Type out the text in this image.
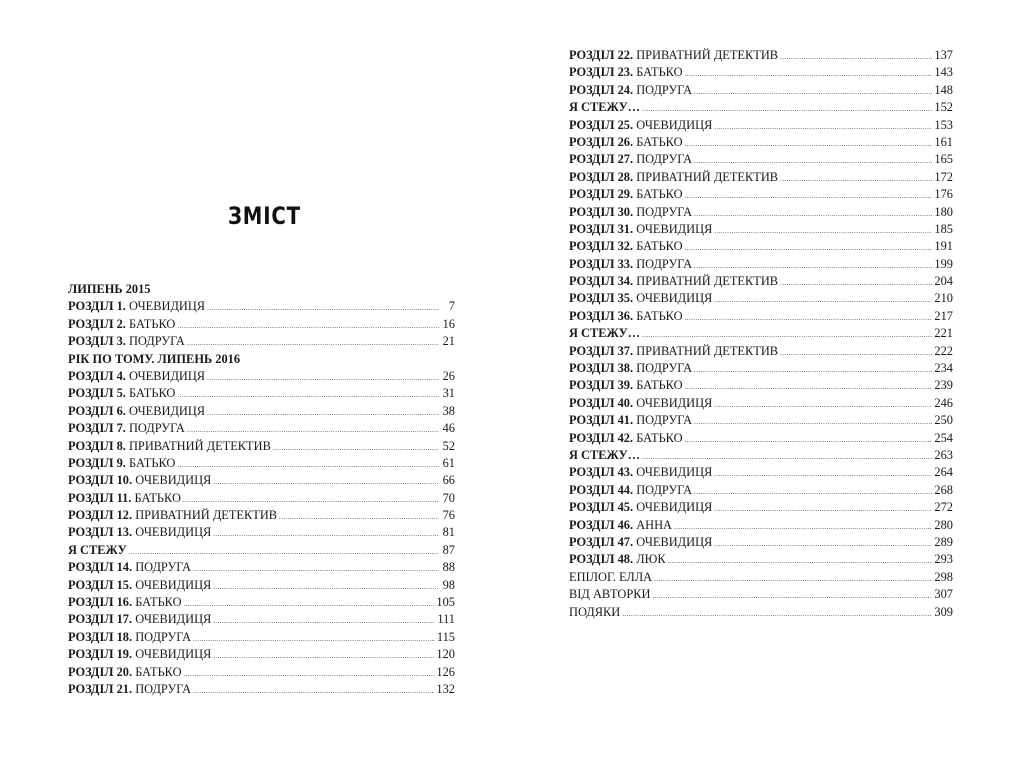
ЗМІСТ
ЛИПЕНЬ 2015
РОЗДІЛ 1. ОЧЕВИДИЦЯ .....	7
РОЗДІЛ 2. БАТЬКО .....	16
РОЗДІЛ 3. ПОДРУГА .....	21
РІК ПО ТОМУ. ЛИПЕНЬ 2016
РОЗДІЛ 4. ОЧЕВИДИЦЯ .....	26
РОЗДІЛ 5. БАТЬКО .....	31
РОЗДІЛ 6. ОЧЕВИДИЦЯ .....	38
РОЗДІЛ 7. ПОДРУГА .....	46
РОЗДІЛ 8. ПРИВАТНИЙ ДЕТЕКТИВ .....	52
РОЗДІЛ 9. БАТЬКО .....	61
РОЗДІЛ 10. ОЧЕВИДИЦЯ .....	66
РОЗДІЛ 11. БАТЬКО .....	70
РОЗДІЛ 12. ПРИВАТНИЙ ДЕТЕКТИВ .....	76
РОЗДІЛ 13. ОЧЕВИДИЦЯ .....	81
Я СТЕЖУ .....	87
РОЗДІЛ 14. ПОДРУГА .....	88
РОЗДІЛ 15. ОЧЕВИДИЦЯ .....	98
РОЗДІЛ 16. БАТЬКО .....	105
РОЗДІЛ 17. ОЧЕВИДИЦЯ .....	111
РОЗДІЛ 18. ПОДРУГА .....	115
РОЗДІЛ 19. ОЧЕВИДИЦЯ .....	120
РОЗДІЛ 20. БАТЬКО .....	126
РОЗДІЛ 21. ПОДРУГА .....	132
РОЗДІЛ 22. ПРИВАТНИЙ ДЕТЕКТИВ .....	137
РОЗДІЛ 23. БАТЬКО .....	143
РОЗДІЛ 24. ПОДРУГА .....	148
Я СТЕЖУ… .....	152
РОЗДІЛ 25. ОЧЕВИДИЦЯ .....	153
РОЗДІЛ 26. БАТЬКО .....	161
РОЗДІЛ 27. ПОДРУГА .....	165
РОЗДІЛ 28. ПРИВАТНИЙ ДЕТЕКТИВ .....	172
РОЗДІЛ 29. БАТЬКО .....	176
РОЗДІЛ 30. ПОДРУГА .....	180
РОЗДІЛ 31. ОЧЕВИДИЦЯ .....	185
РОЗДІЛ 32. БАТЬКО .....	191
РОЗДІЛ 33. ПОДРУГА .....	199
РОЗДІЛ 34. ПРИВАТНИЙ ДЕТЕКТИВ .....	204
РОЗДІЛ 35. ОЧЕВИДИЦЯ .....	210
РОЗДІЛ 36. БАТЬКО .....	217
Я СТЕЖУ… .....	221
РОЗДІЛ 37. ПРИВАТНИЙ ДЕТЕКТИВ .....	222
РОЗДІЛ 38. ПОДРУГА .....	234
РОЗДІЛ 39. БАТЬКО .....	239
РОЗДІЛ 40. ОЧЕВИДИЦЯ .....	246
РОЗДІЛ 41. ПОДРУГА .....	250
РОЗДІЛ 42. БАТЬКО .....	254
Я СТЕЖУ… .....	263
РОЗДІЛ 43. ОЧЕВИДИЦЯ .....	264
РОЗДІЛ 44. ПОДРУГА .....	268
РОЗДІЛ 45. ОЧЕВИДИЦЯ .....	272
РОЗДІЛ 46. АННА .....	280
РОЗДІЛ 47. ОЧЕВИДИЦЯ .....	289
РОЗДІЛ 48. ЛЮК .....	293
ЕПІЛОГ. ЕЛЛА .....	298
ВІД АВТОРКИ .....	307
ПОДЯКИ .....	309
